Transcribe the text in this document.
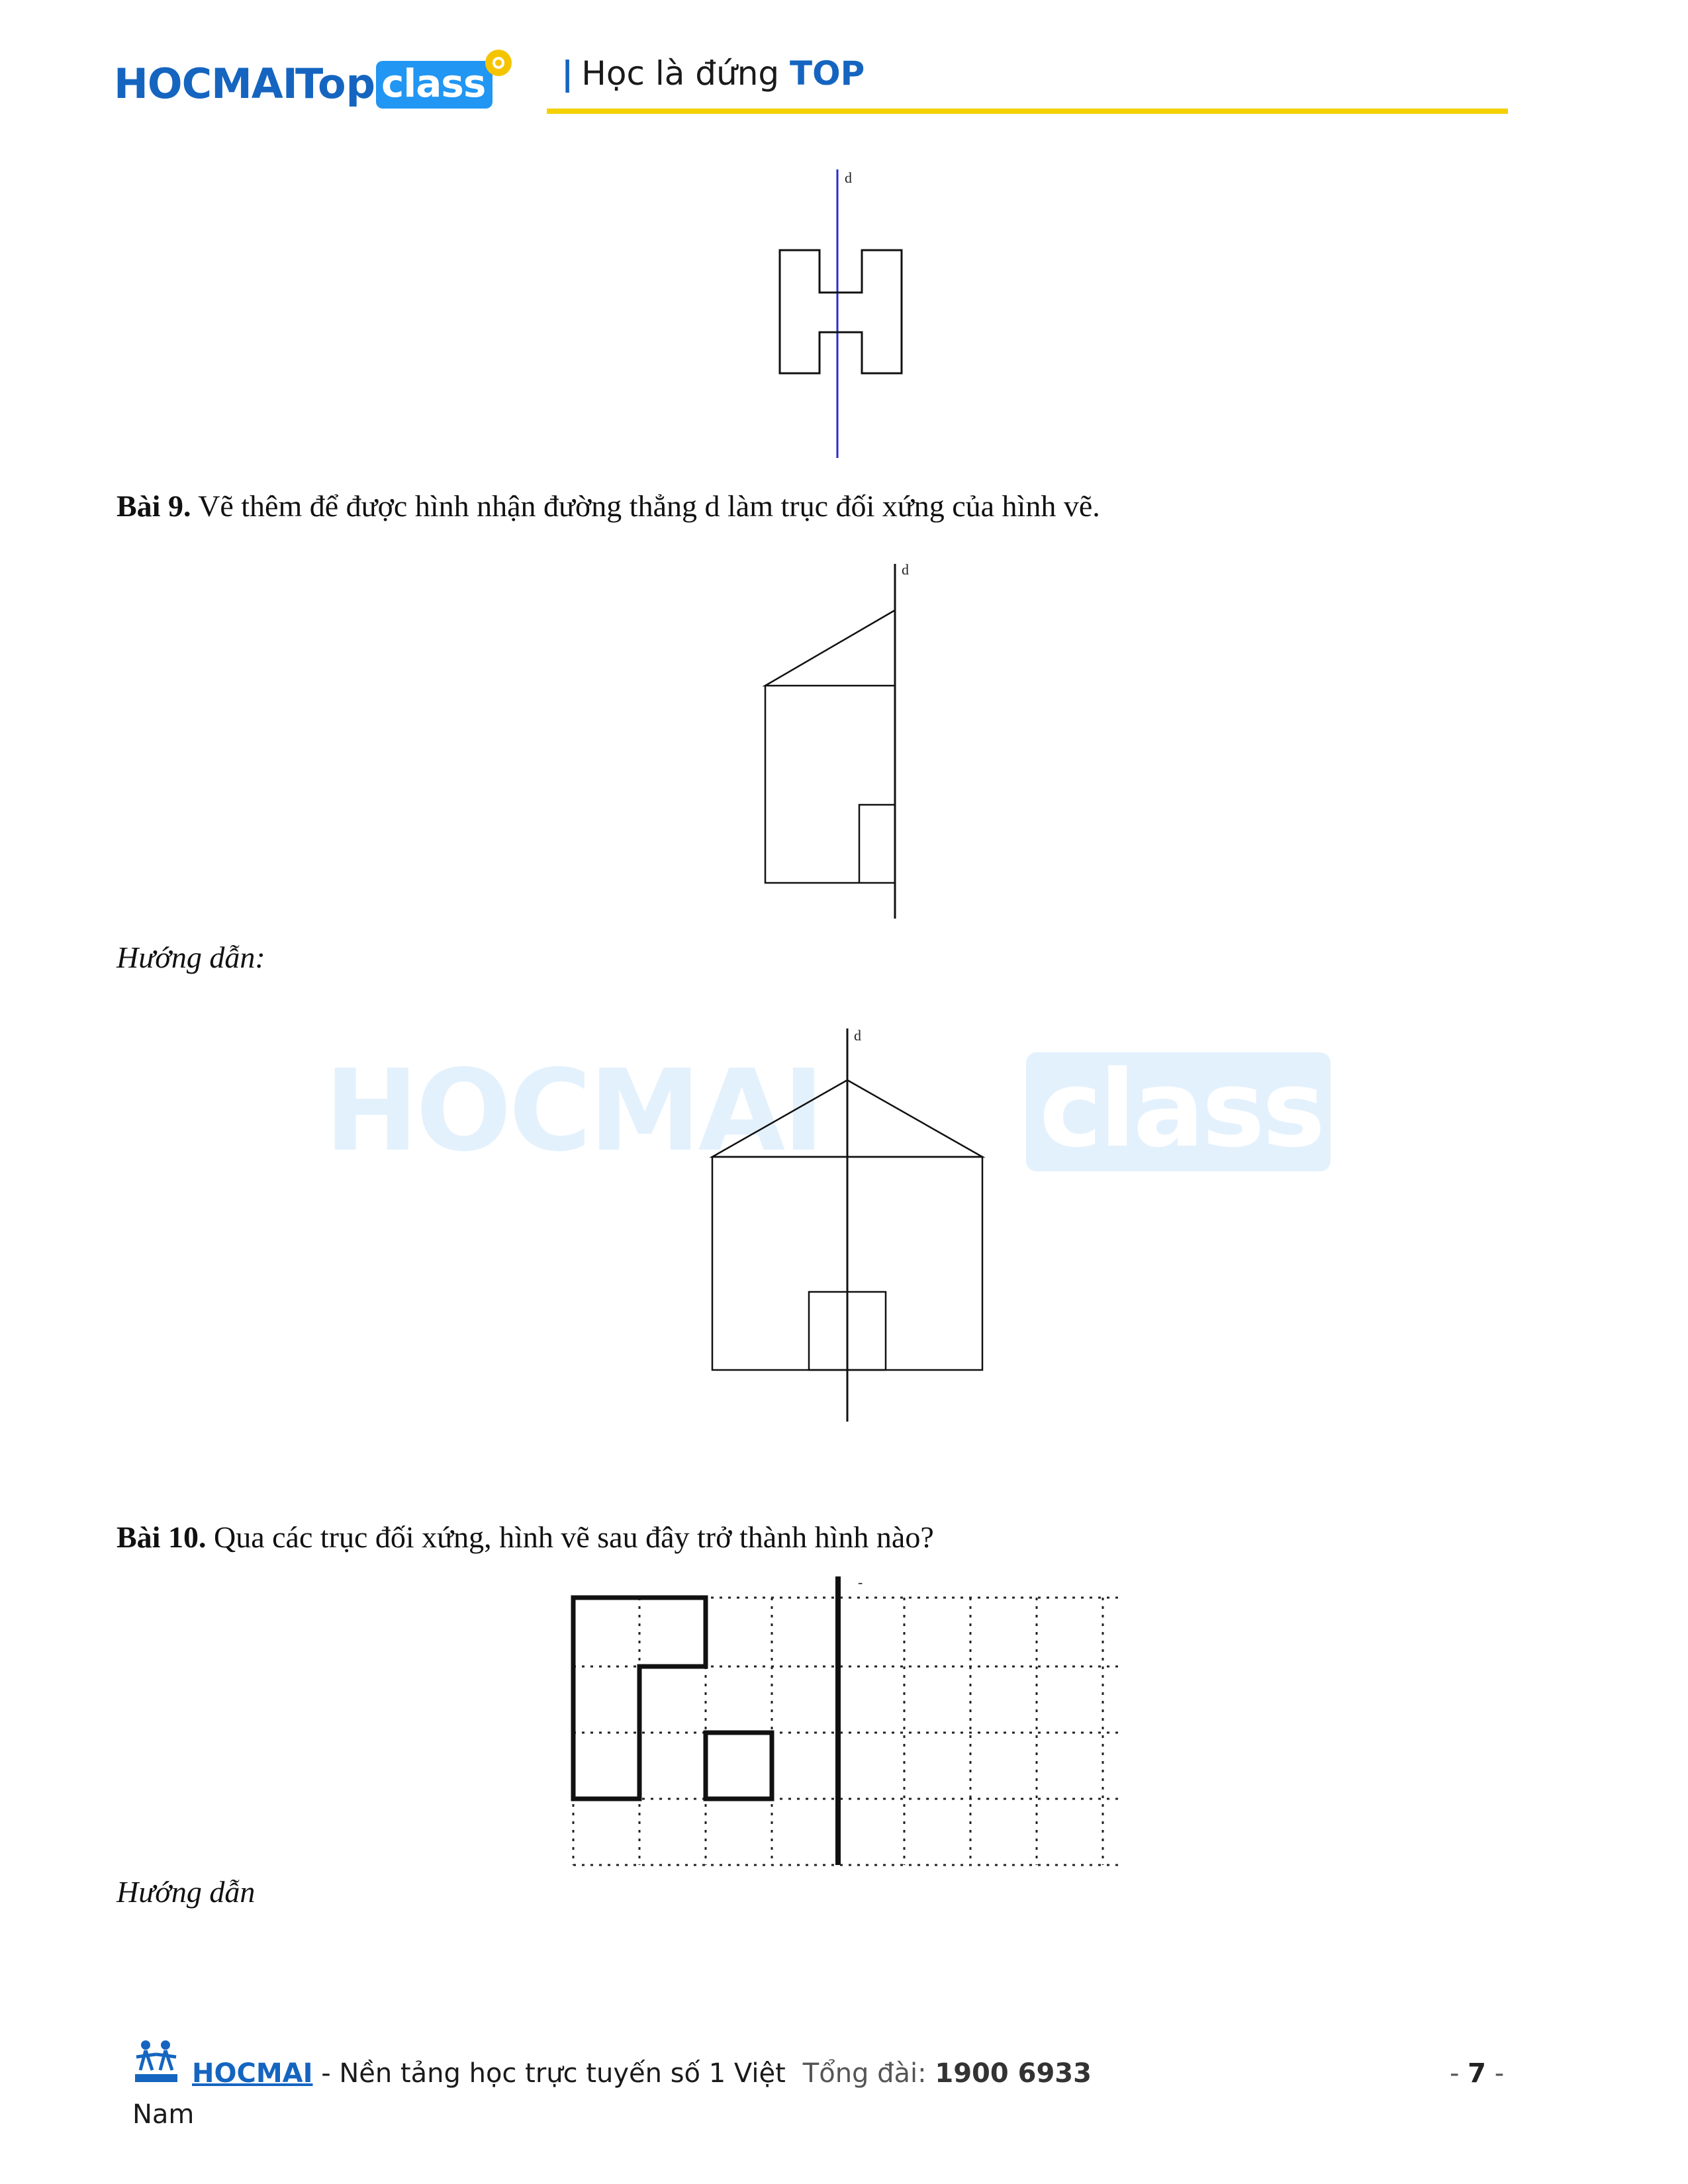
HOCMAI
Top class | Học là đứng TOP
d
Bài 9. Vẽ thêm để được hình nhận đường thẳng d làm trục đối xứng của hình vẽ.
d
Hướng dẫn:
HOCMAI class
d
Bài 10. Qua các trục đối xứng, hình vẽ sau đây trở thành hình nào?
-
Hướng dẫn
HOCMAI - Nền tảng học trực tuyến số 1 Việt Tổng đài: 1900 6933
Nam
- 7 -
